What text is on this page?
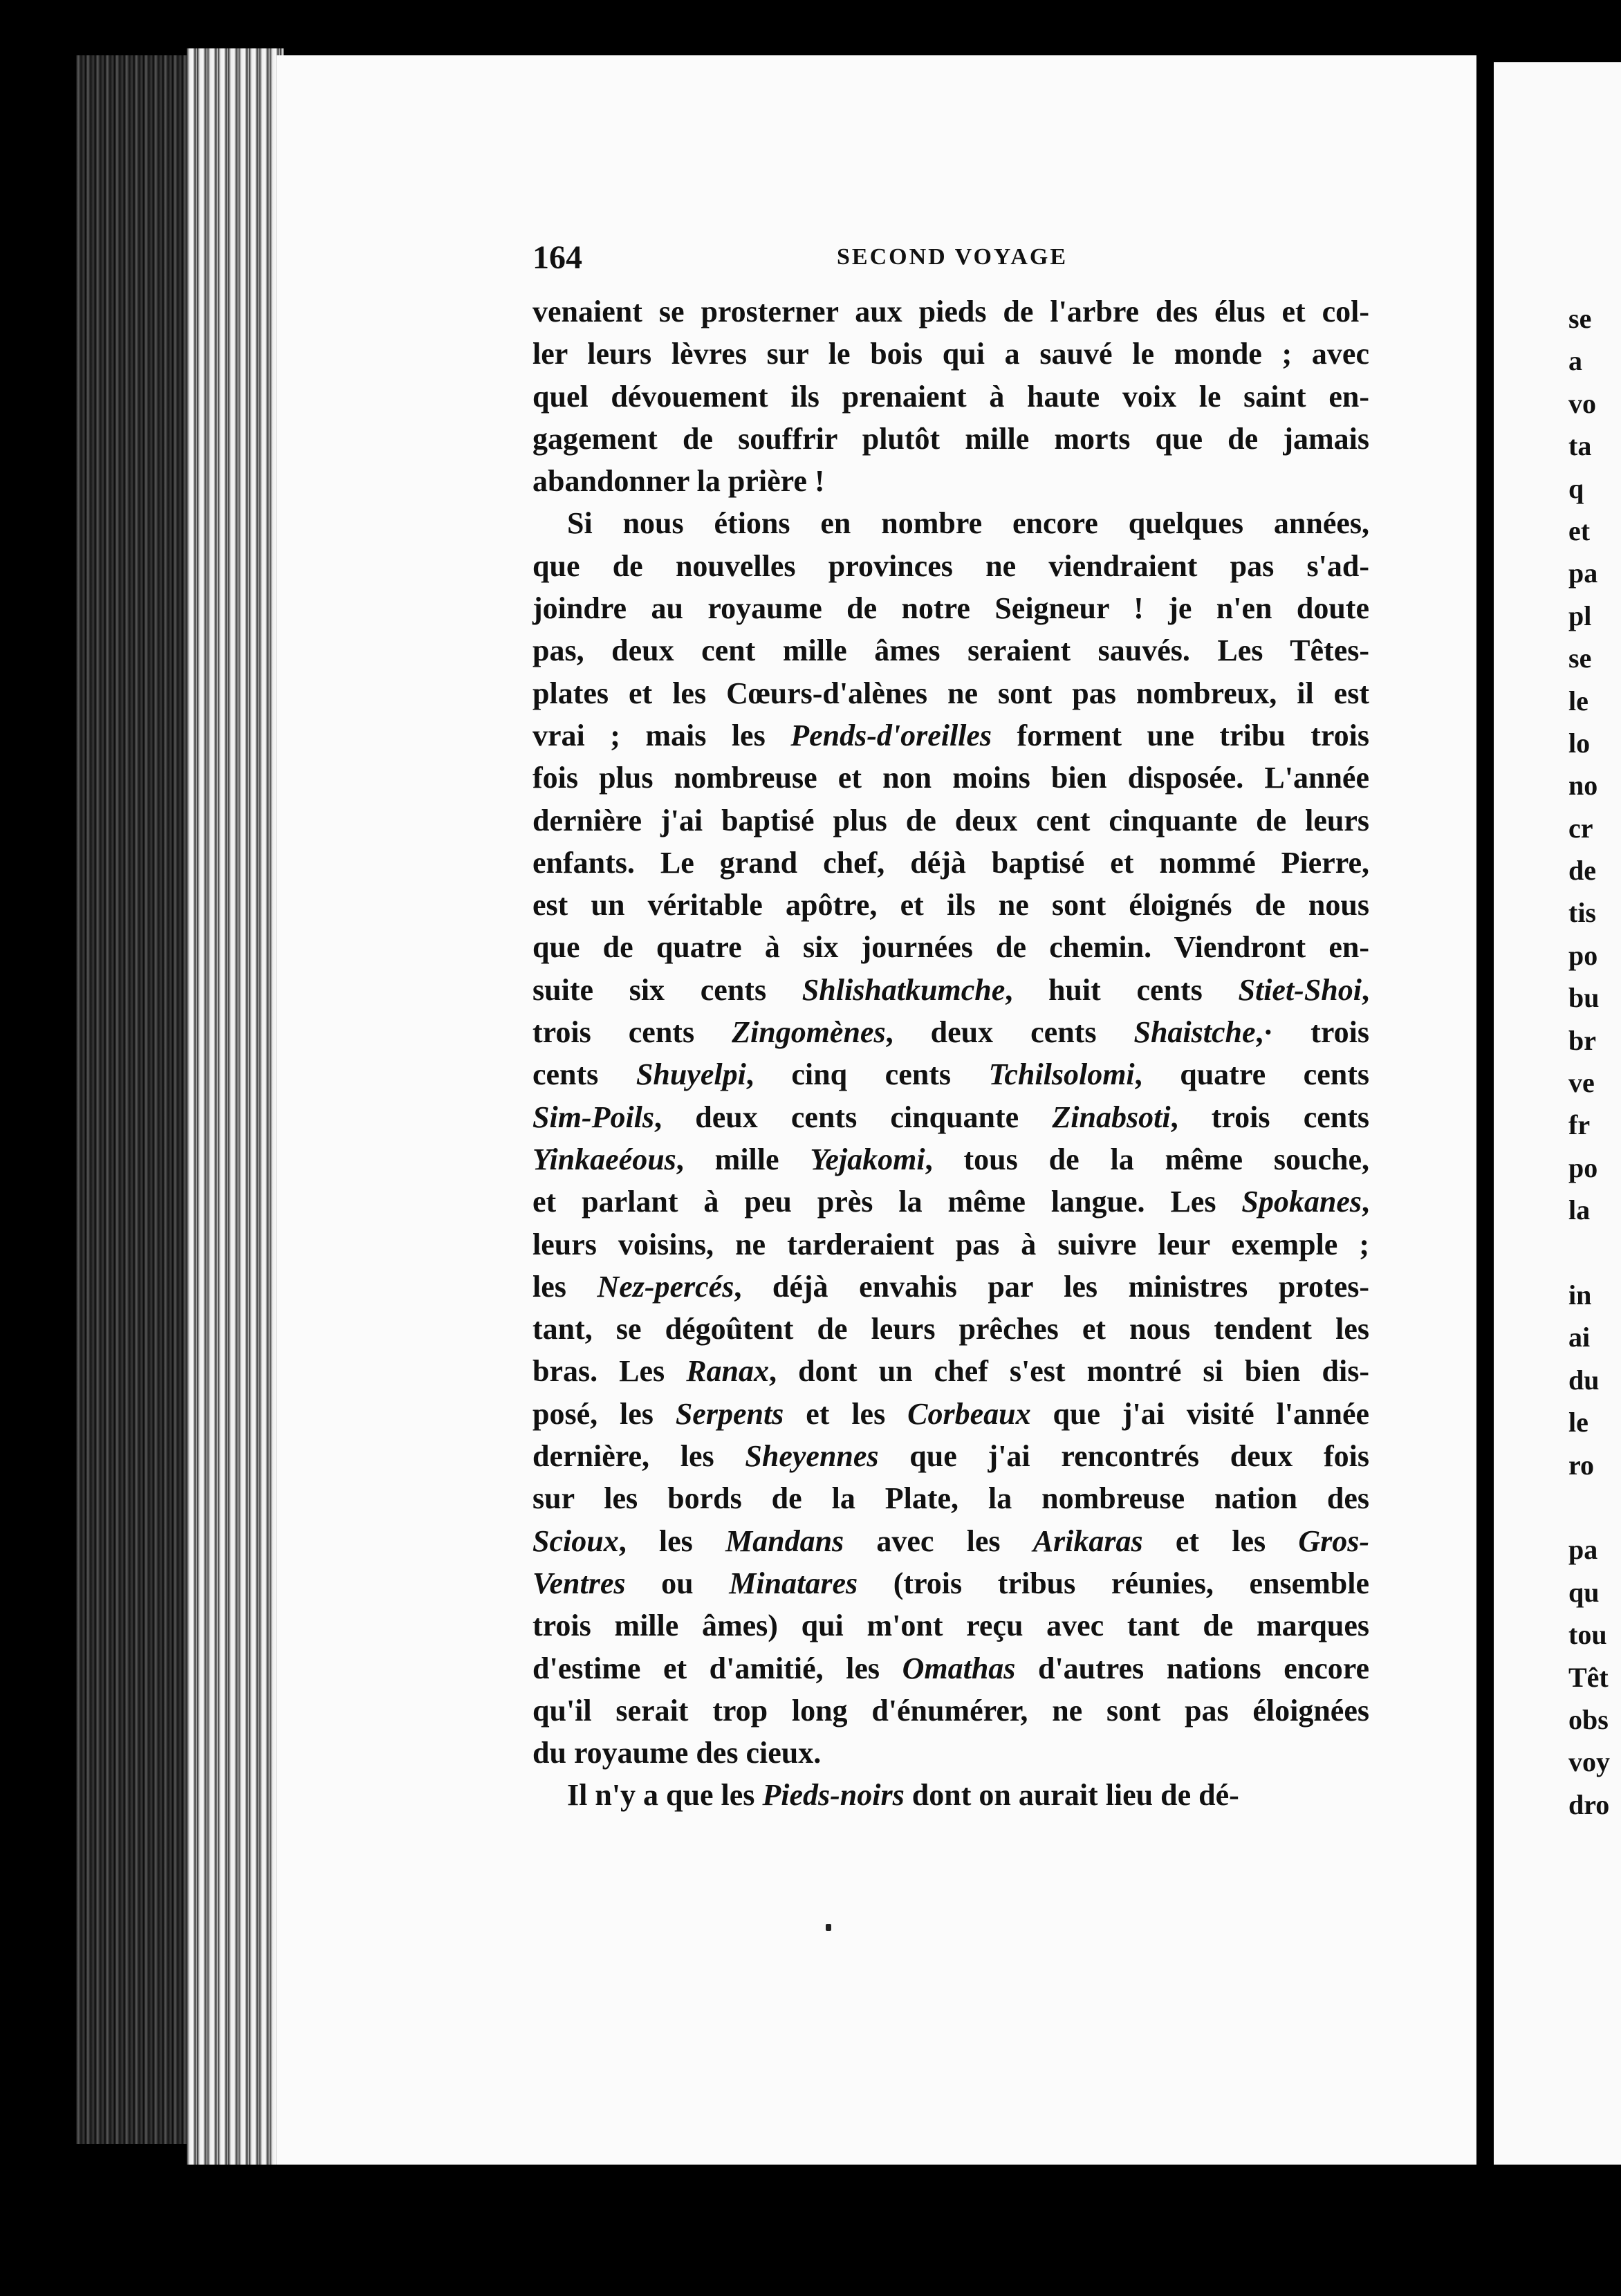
164	SECOND VOYAGE
venaient se prosterner aux pieds de l'arbre des élus et col-
ler leurs lèvres sur le bois qui a sauvé le monde ; avec
quel dévouement ils prenaient à haute voix le saint en-
gagement de souffrir plutôt mille morts que de jamais
abandonner la prière !
Si nous étions en nombre encore quelques années,
que de nouvelles provinces ne viendraient pas s'ad-
joindre au royaume de notre Seigneur ! je n'en doute
pas, deux cent mille âmes seraient sauvés. Les Têtes-
plates et les Cœurs-d'alènes ne sont pas nombreux, il est
vrai ; mais les Pends-d'oreilles forment une tribu trois
fois plus nombreuse et non moins bien disposée. L'année
dernière j'ai baptisé plus de deux cent cinquante de leurs
enfants. Le grand chef, déjà baptisé et nommé Pierre,
est un véritable apôtre, et ils ne sont éloignés de nous
que de quatre à six journées de chemin. Viendront en-
suite six cents Shlishatkumche, huit cents Stiet-Shoi,
trois cents Zingomènes, deux cents Shaistche,· trois
cents Shuyelpi, cinq cents Tchilsolomi, quatre cents
Sim-Poils, deux cents cinquante Zinabsoti, trois cents
Yinkaeéous, mille Yejakomi, tous de la même souche,
et parlant à peu près la même langue. Les Spokanes,
leurs voisins, ne tarderaient pas à suivre leur exemple ;
les Nez-percés, déjà envahis par les ministres protes-
tant, se dégoûtent de leurs prêches et nous tendent les
bras. Les Ranax, dont un chef s'est montré si bien dis-
posé, les Serpents et les Corbeaux que j'ai visité l'année
dernière, les Sheyennes que j'ai rencontrés deux fois
sur les bords de la Plate, la nombreuse nation des
Scioux, les Mandans avec les Arikaras et les Gros-
Ventres ou Minatares (trois tribus réunies, ensemble
trois mille âmes) qui m'ont reçu avec tant de marques
d'estime et d'amitié, les Omathas d'autres nations encore
qu'il serait trop long d'énumérer, ne sont pas éloignées
du royaume des cieux.
Il n'y a que les Pieds-noirs dont on aurait lieu de dé-
se
a
vo
ta
q
et
pa
pl
se
le
lo
no
cr
de
tis
po
bu
br
ve
fr
po
la
in
ai
du
le
ro
pa
qu
tou
Têt
obs
voy
dro
